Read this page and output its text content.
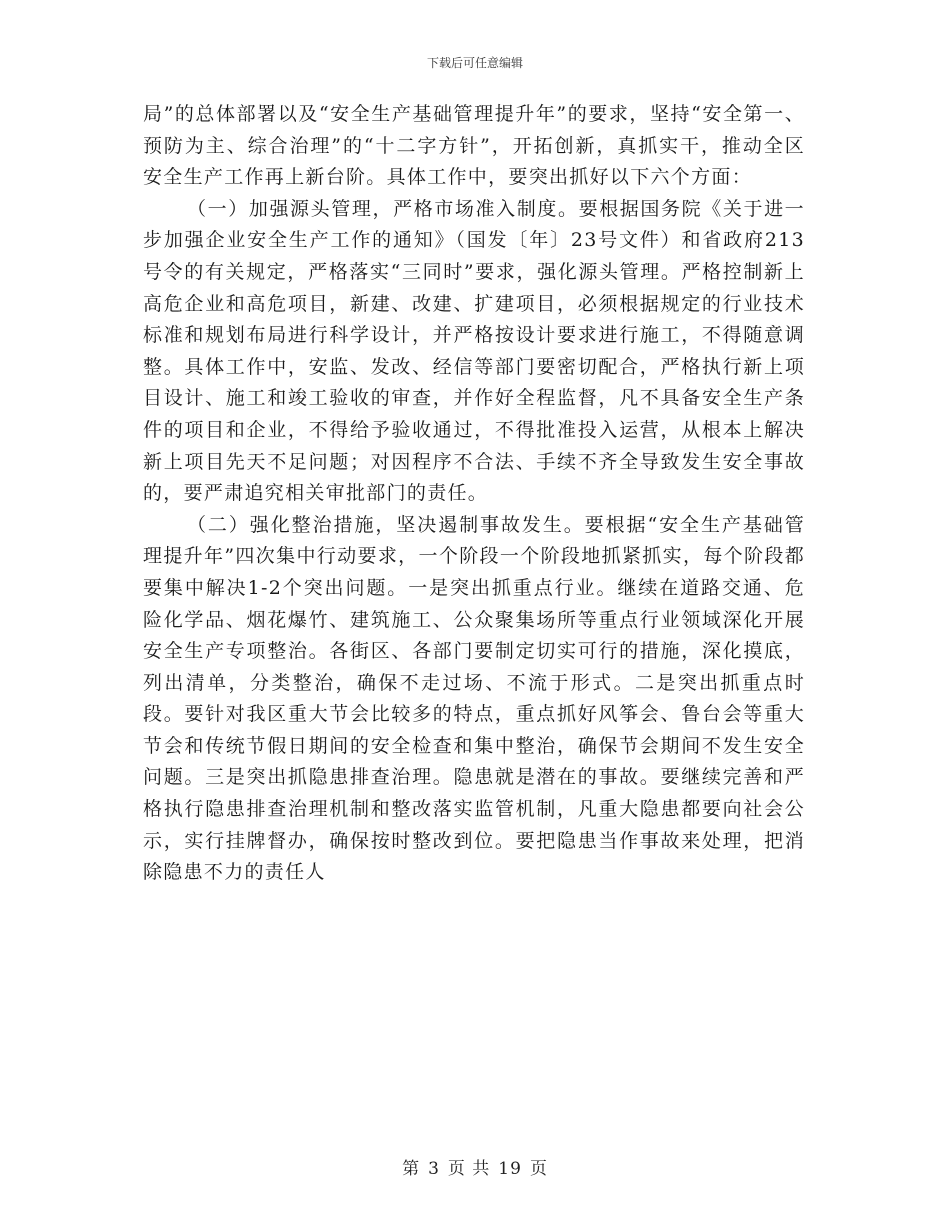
下载后可任意编辑

局”的总体部署以及“安全生产基础管理提升年”的要求，坚持“安全第一、预防为主、综合治理”的“十二字方针”，开拓创新，真抓实干，推动全区安全生产工作再上新台阶。具体工作中，要突出抓好以下六个方面：

（一）加强源头管理，严格市场准入制度。要根据国务院《关于进一步加强企业安全生产工作的通知》（国发〔年〕23号文件）和省政府213号令的有关规定，严格落实“三同时”要求，强化源头管理。严格控制新上高危企业和高危项目，新建、改建、扩建项目，必须根据规定的行业技术标准和规划布局进行科学设计，并严格按设计要求进行施工，不得随意调整。具体工作中，安监、发改、经信等部门要密切配合，严格执行新上项目设计、施工和竣工验收的审查，并作好全程监督，凡不具备安全生产条件的项目和企业，不得给予验收通过，不得批准投入运营，从根本上解决新上项目先天不足问题；对因程序不合法、手续不齐全导致发生安全事故的，要严肃追究相关审批部门的责任。

（二）强化整治措施，坚决遏制事故发生。要根据“安全生产基础管理提升年”四次集中行动要求，一个阶段一个阶段地抓紧抓实，每个阶段都要集中解决1-2个突出问题。一是突出抓重点行业。继续在道路交通、危险化学品、烟花爆竹、建筑施工、公众聚集场所等重点行业领域深化开展安全生产专项整治。各街区、各部门要制定切实可行的措施，深化摸底，列出清单，分类整治，确保不走过场、不流于形式。二是突出抓重点时段。要针对我区重大节会比较多的特点，重点抓好风筝会、鲁台会等重大节会和传统节假日期间的安全检查和集中整治，确保节会期间不发生安全问题。三是突出抓隐患排查治理。隐患就是潜在的事故。要继续完善和严格执行隐患排查治理机制和整改落实监管机制，凡重大隐患都要向社会公示，实行挂牌督办，确保按时整改到位。要把隐患当作事故来处理，把消除隐患不力的责任人

第 3 页 共 19 页
